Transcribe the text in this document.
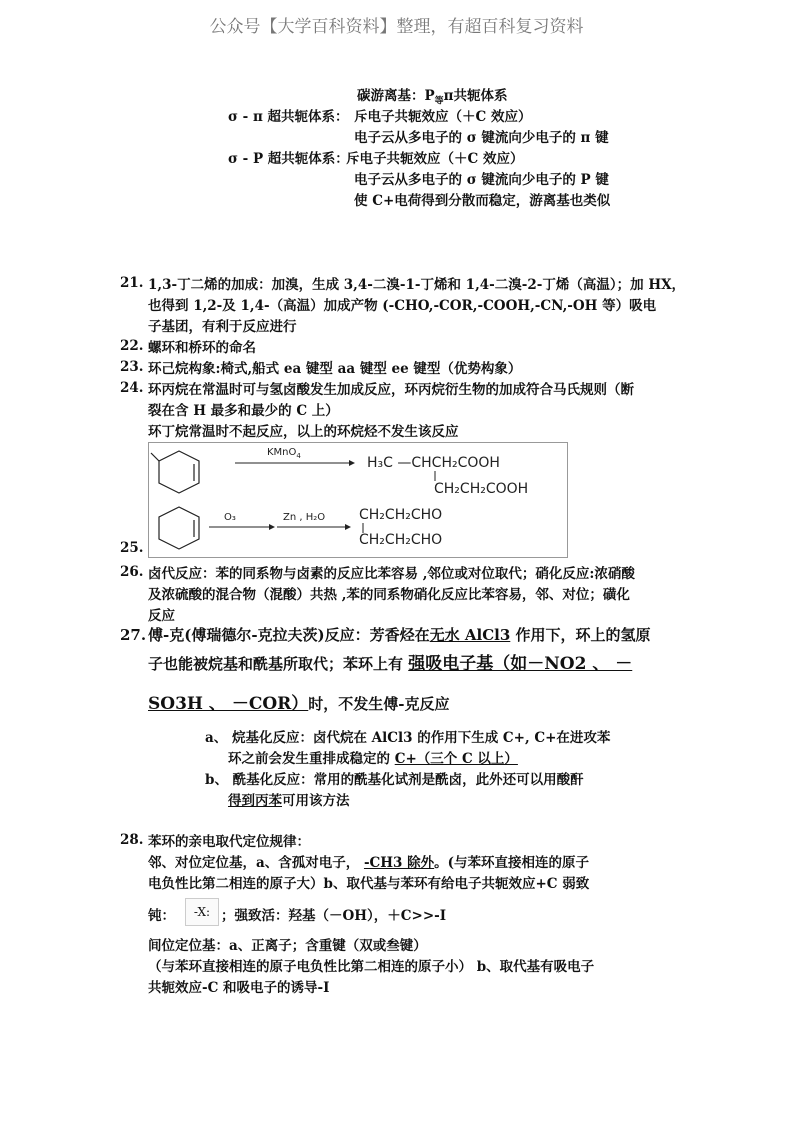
公众号【大学百科资料】整理，有超百科复习资料
碳游离基：$P_等\pi$共轭体系
σ - π 超共轭体系： 斥电子共轭效应（＋C 效应）
电子云从多电子的 σ 键流向少电子的 π 键
σ - P 超共轭体系：
斥电子共轭效应（＋C 效应）
电子云从多电子的 σ 键流向少电子的 P 键
使 C+电荷得到分散而稳定，游离基也类似
21. 1,3-丁二烯的加成：加溴，生成 3,4-二溴-1-丁烯和 1,4-二溴-2-丁烯（高温）；加 HX，
也得到 1,2-及 1,4-（高温）加成产物 (-CHO,-COR,-COOH,-CN,-OH 等）吸电
子基团，有利于反应进行
22. 螺环和桥环的命名
23. 环己烷构象:椅式,船式 ea 键型 aa 键型 ee 键型（优势构象）
24. 环丙烷在常温时可与氢卤酸发生加成反应，环丙烷衍生物的加成符合马氏规则（断
裂在含 H 最多和最少的 C 上）
环丁烷常温时不起反应，以上的环烷烃不发生该反应
KMnO$_4$	H₃C —CHCH₂COOH
CH₂CH₂COOH
O₃	Zn , H₂O CH₂CH₂CHO
CH₂CH₂CHO
25.
26. 卤代反应：苯的同系物与卤素的反应比苯容易 ,邻位或对位取代；硝化反应:浓硝酸
及浓硫酸的混合物（混酸）共热 ,苯的同系物硝化反应比苯容易，邻、对位；磺化
反应
27. 傅-克(傅瑞德尔-克拉夫茨)反应：芳香烃在无水 AlCl3 作用下，环上的氢原
子也能被烷基和酰基所取代；苯环上有 强吸电子基（如－NO2 、 －
SO3H 、 －COR）时，不发生傅-克反应
a、 烷基化反应：卤代烷在 AlCl3 的作用下生成 C+, C+在进攻苯
环之前会发生重排成稳定的 C+（三个 C 以上）
b、 酰基化反应：常用的酰基化试剂是酰卤，此外还可以用酸酐
得到丙苯可用该方法
28. 苯环的亲电取代定位规律：
邻、对位定位基，a、含孤对电子， -CH3 除外。(与苯环直接相连的原子
电负性比第二相连的原子大）b、取代基与苯环有给电子共轭效应+C 弱致
钝：	-X: ；强致活：羟基（－OH），＋C>>-I
间位定位基：a、正离子；含重键（双或叁键）
（与苯环直接相连的原子电负性比第二相连的原子小） b、取代基有吸电子
共轭效应-C 和吸电子的诱导-I
